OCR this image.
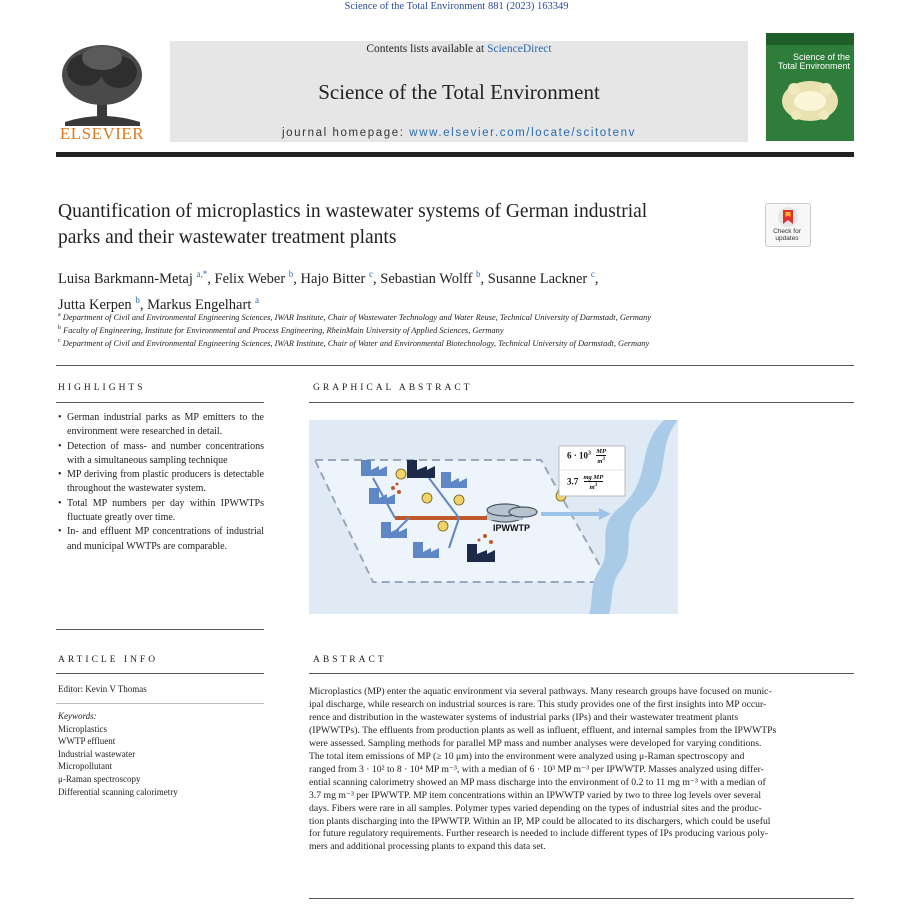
Science of the Total Environment 881 (2023) 163349
ELSEVIER
Contents lists available at ScienceDirect
Science of the Total Environment
journal homepage: www.elsevier.com/locate/scitotenv
Science of the Total Environment
Quantification of microplastics in wastewater systems of German industrial
parks and their wastewater treatment plants	Check for
updates
Luisa Barkmann-Metaj $^{a,*}$, Felix Weber $^b$, Hajo Bitter $^c$, Sebastian Wolff $^b$, Susanne Lackner $^c$,
Jutta Kerpen $^b$, Markus Engelhart $^a$
$^a$ Department of Civil and Environmental Engineering Sciences, IWAR Institute, Chair of Wastewater Technology and Water Reuse, Technical University of Darmstadt, Germany
$^b$ Faculty of Engineering, Institute for Environmental and Process Engineering, RheinMain University of Applied Sciences, Germany
$^c$ Department of Civil and Environmental Engineering Sciences, IWAR Institute, Chair of Water and Environmental Biotechnology, Technical University of Darmstadt, Germany
HIGHLIGHTS
• German industrial parks as MP emitters to the environment were researched in detail.
• Detection of mass- and number concentrations with a simultaneous sampling technique
• MP deriving from plastic producers is detectable throughout the wastewater system.
• Total MP numbers per day within IPWWTPs fluctuate greatly over time.
• In- and effluent MP concentrations of industrial and municipal WWTPs are comparable.
GRAPHICAL ABSTRACT
IPWWTP
$6 \cdot 10^3 \frac{MP}{m^3}$
$3.7 \frac{\text{mg MP}}{m^3}$
ARTICLE INFO
Editor: Kevin V Thomas
Keywords:
Microplastics
WWTP effluent
Industrial wastewater
Micropollutant
μ-Raman spectroscopy
Differential scanning calorimetry
ABSTRACT
Microplastics (MP) enter the aquatic environment via several pathways. Many research groups have focused on munic-
ipal discharge, while research on industrial sources is rare. This study provides one of the first insights into MP occur-
rence and distribution in the wastewater systems of industrial parks (IPs) and their wastewater treatment plants
(IPWWTPs). The effluents from production plants as well as influent, effluent, and internal samples from the IPWWTPs
were assessed. Sampling methods for parallel MP mass and number analyses were developed for varying conditions.
The total item emissions of MP (≥ 10 μm) into the environment were analyzed using μ-Raman spectroscopy and
ranged from 3 · 10² to 8 · 10⁴ MP m⁻³, with a median of 6 · 10³ MP m⁻³ per IPWWTP. Masses analyzed using differ-
ential scanning calorimetry showed an MP mass discharge into the environment of 0.2 to 11 mg m⁻³ with a median of
3.7 mg m⁻³ per IPWWTP. MP item concentrations within an IPWWTP varied by two to three log levels over several
days. Fibers were rare in all samples. Polymer types varied depending on the types of industrial sites and the produc-
tion plants discharging into the IPWWTP. Within an IP, MP could be allocated to its dischargers, which could be useful
for future regulatory requirements. Further research is needed to include different types of IPs producing various poly-
mers and additional processing plants to expand this data set.
